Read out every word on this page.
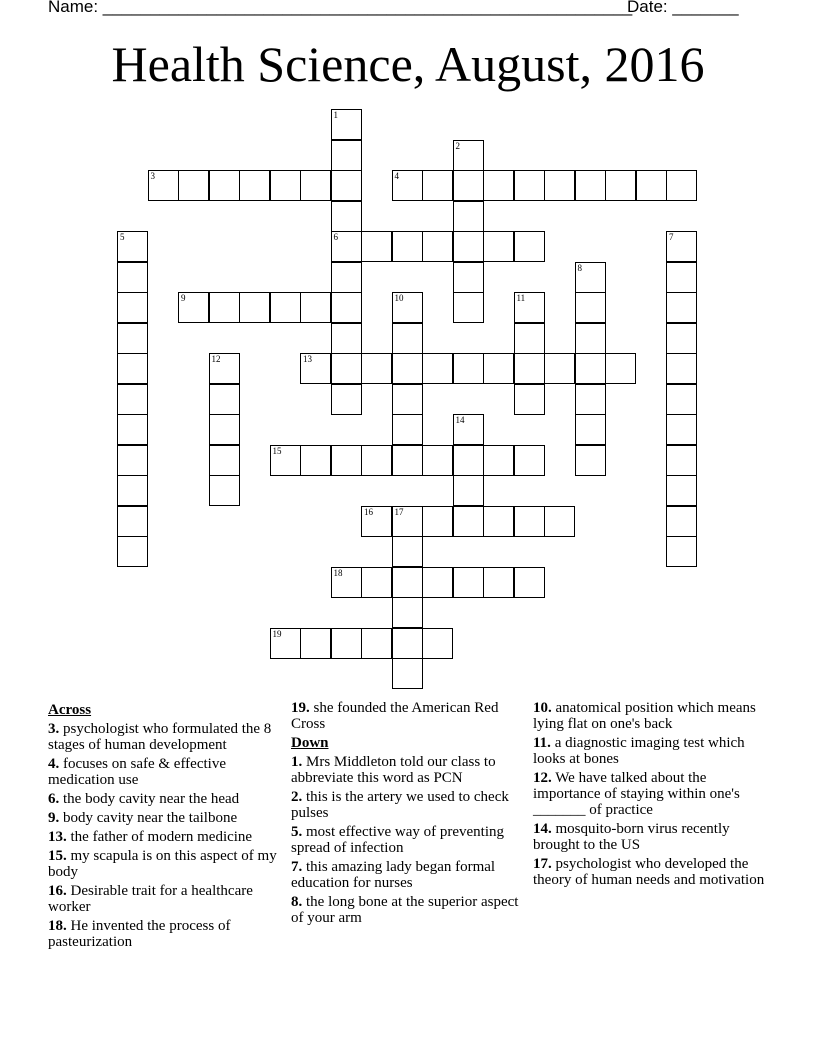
Name: ________________________________________________________
Date: _______
Health Science, August, 2016
1
6
2
3	4
5	7
8
9	10	11
12	13
14
15
16 17
18
19
Across
3. psychologist who formulated the 8 stages of human development
4. focuses on safe & effective medication use
6. the body cavity near the head
9. body cavity near the tailbone
13. the father of modern medicine
15. my scapula is on this aspect of my body
16. Desirable trait for a healthcare worker
18. He invented the process of pasteurization
19. she founded the American Red Cross
Down
1. Mrs Middleton told our class to abbreviate this word as PCN
2. this is the artery we used to check pulses
5. most effective way of preventing spread of infection
7. this amazing lady began formal education for nurses
8. the long bone at the superior aspect of your arm
10. anatomical position which means lying flat on one's back
11. a diagnostic imaging test which looks at bones
12. We have talked about the importance of staying within one's _______ of practice
14. mosquito-born virus recently brought to the US
17. psychologist who developed the theory of human needs and motivation
